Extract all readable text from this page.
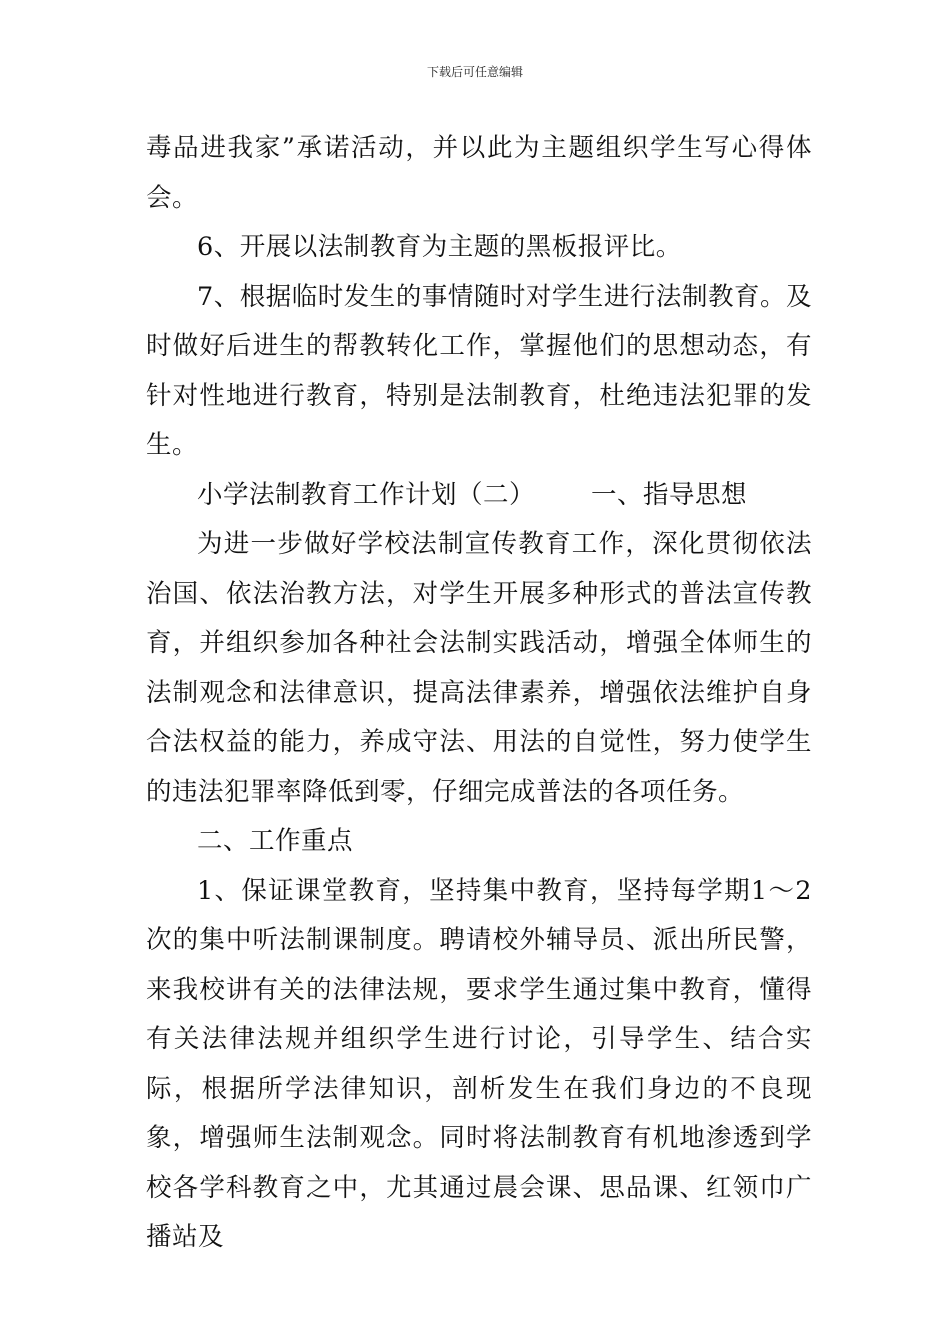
下载后可任意编辑

毒品进我家”承诺活动，并以此为主题组织学生写心得体会。

6、开展以法制教育为主题的黑板报评比。

7、根据临时发生的事情随时对学生进行法制教育。及时做好后进生的帮教转化工作，掌握他们的思想动态，有针对性地进行教育，特别是法制教育，杜绝违法犯罪的发生。

小学法制教育工作计划（二） 一、指导思想

为进一步做好学校法制宣传教育工作，深化贯彻依法治国、依法治教方法，对学生开展多种形式的普法宣传教育，并组织参加各种社会法制实践活动，增强全体师生的法制观念和法律意识，提高法律素养，增强依法维护自身合法权益的能力，养成守法、用法的自觉性，努力使学生的违法犯罪率降低到零，仔细完成普法的各项任务。

二、工作重点

1、保证课堂教育，坚持集中教育，坚持每学期1～2次的集中听法制课制度。聘请校外辅导员、派出所民警，来我校讲有关的法律法规，要求学生通过集中教育，懂得有关法律法规并组织学生进行讨论，引导学生、结合实际，根据所学法律知识，剖析发生在我们身边的不良现象，增强师生法制观念。同时将法制教育有机地渗透到学校各学科教育之中，尤其通过晨会课、思品课、红领巾广播站及
